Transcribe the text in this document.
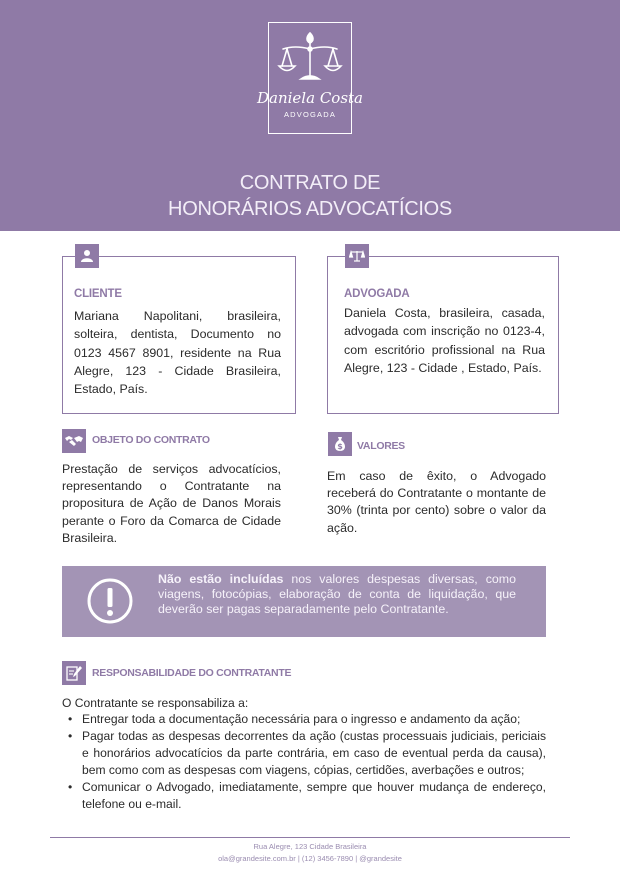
Daniela Costa
ADVOGADA
CONTRATO DE
HONORÁRIOS ADVOCATÍCIOS
CLIENTE
Mariana Napolitani, brasileira, solteira, dentista, Documento no 0123 4567 8901, residente na Rua Alegre, 123 - Cidade Brasileira, Estado, País.
ADVOGADA
Daniela Costa, brasileira, casada, advogada com inscrição no 0123-4, com escritório profissional na Rua Alegre, 123 - Cidade , Estado, País.
OBJETO DO CONTRATO
Prestação de serviços advocatícios, representando o Contratante na propositura de Ação de Danos Morais perante o Foro da Comarca de Cidade Brasileira.
$ VALORES
Em caso de êxito, o Advogado receberá do Contratante o montante de 30% (trinta por cento) sobre o valor da ação.
Não estão incluídas nos valores despesas diversas, como viagens, fotocópias, elaboração de conta de liquidação, que deverão ser pagas separadamente pelo Contratante.
RESPONSABILIDADE DO CONTRATANTE
O Contratante se responsabiliza a:
• Entregar toda a documentação necessária para o ingresso e andamento da ação;
• Pagar todas as despesas decorrentes da ação (custas processuais judiciais, periciais e honorários advocatícios da parte contrária, em caso de eventual perda da causa), bem como com as despesas com viagens, cópias, certidões, averbações e outros;
• Comunicar o Advogado, imediatamente, sempre que houver mudança de endereço, telefone ou e-mail.
Rua Alegre, 123 Cidade Brasileira
ola@grandesite.com.br | (12) 3456-7890 | @grandesite
